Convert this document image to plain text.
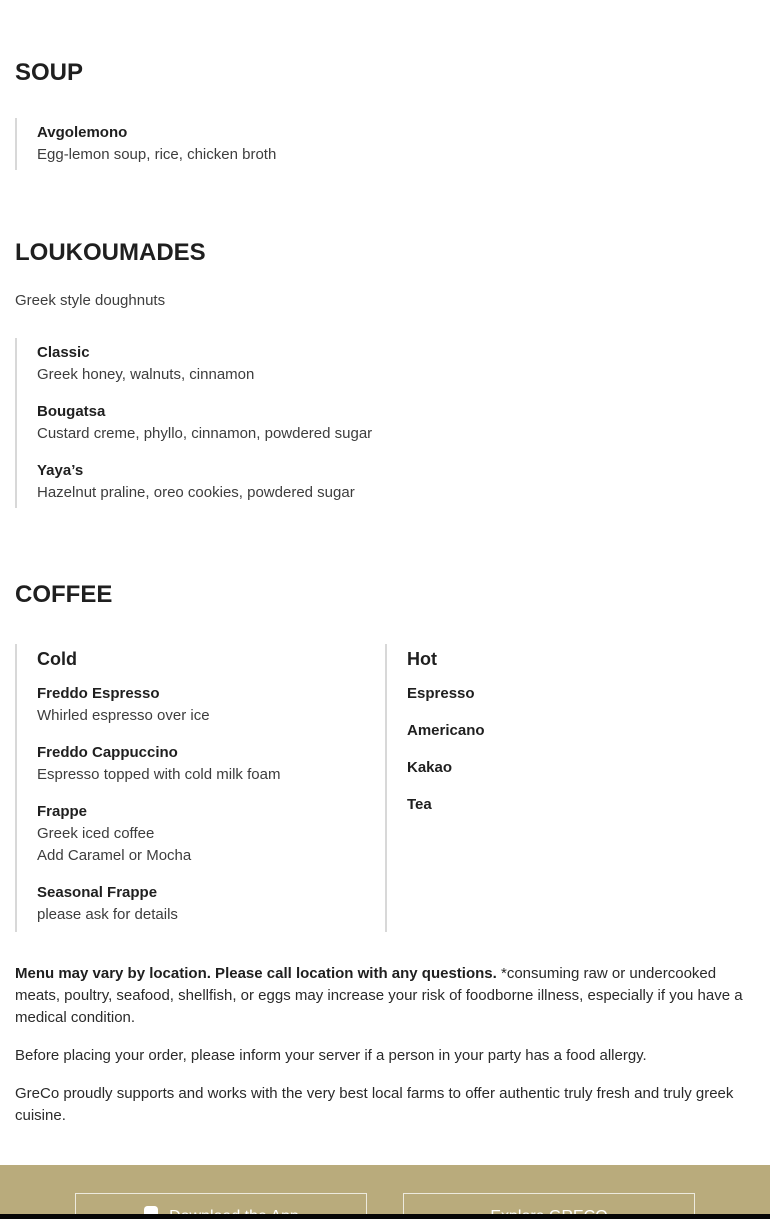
SOUP
Avgolemono
Egg-lemon soup, rice, chicken broth
LOUKOUMADES
Greek style doughnuts
Classic
Greek honey, walnuts, cinnamon
Bougatsa
Custard creme, phyllo, cinnamon, powdered sugar
Yaya’s
Hazelnut praline, oreo cookies, powdered sugar
COFFEE
Cold
Freddo Espresso
Whirled espresso over ice
Freddo Cappuccino
Espresso topped with cold milk foam
Frappe
Greek iced coffee
Add Caramel or Mocha
Seasonal Frappe
please ask for details
Hot
Espresso
Americano
Kakao
Tea

Menu may vary by location. Please call location with any questions. *consuming raw or undercooked meats, poultry, seafood, shellfish, or eggs may increase your risk of foodborne illness, especially if you have a medical condition.

Before placing your order, please inform your server if a person in your party has a food allergy.

GreCo proudly supports and works with the very best local farms to offer authentic truly fresh and truly greek cuisine.
